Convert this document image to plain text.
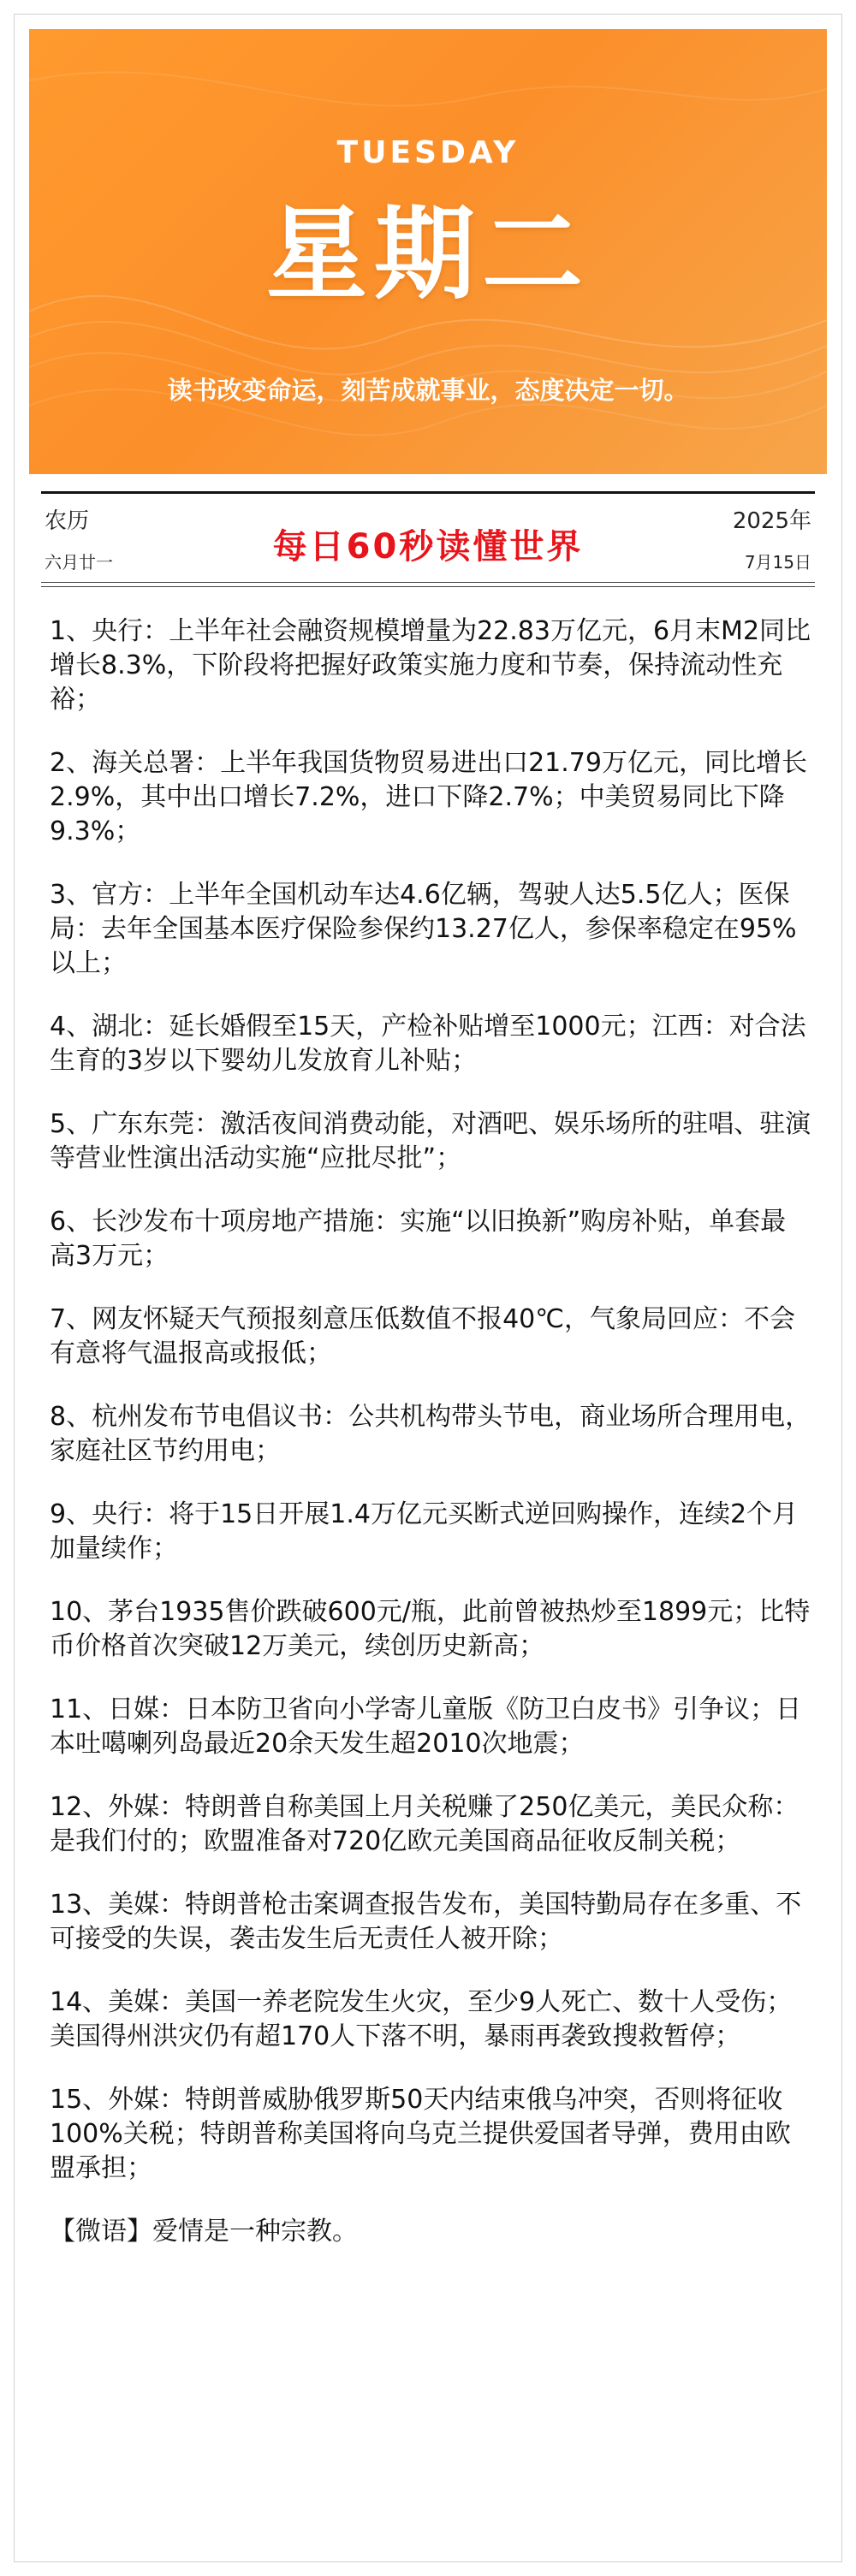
TUESDAY
星期二
读书改变命运，刻苦成就事业，态度决定一切。
农历
六月廿一	每日60秒读懂世界
2025年
7月15日
1、央行：上半年社会融资规模增量为22.83万亿元，6月末M2同比增长8.3%，下阶段将把握好政策实施力度和节奏，保持流动性充裕；
2、海关总署：上半年我国货物贸易进出口21.79万亿元，同比增长2.9%，其中出口增长7.2%，进口下降2.7%；中美贸易同比下降9.3%；
3、官方：上半年全国机动车达4.6亿辆，驾驶人达5.5亿人；医保局：去年全国基本医疗保险参保约13.27亿人，参保率稳定在95%以上；
4、湖北：延长婚假至15天，产检补贴增至1000元；江西：对合法生育的3岁以下婴幼儿发放育儿补贴；
5、广东东莞：激活夜间消费动能，对酒吧、娱乐场所的驻唱、驻演等营业性演出活动实施“应批尽批”；
6、长沙发布十项房地产措施：实施“以旧换新”购房补贴，单套最高3万元；
7、网友怀疑天气预报刻意压低数值不报40℃，气象局回应：不会有意将气温报高或报低；
8、杭州发布节电倡议书：公共机构带头节电，商业场所合理用电，家庭社区节约用电；
9、央行：将于15日开展1.4万亿元买断式逆回购操作，连续2个月加量续作；
10、茅台1935售价跌破600元/瓶，此前曾被热炒至1899元；比特币价格首次突破12万美元，续创历史新高；
11、日媒：日本防卫省向小学寄儿童版《防卫白皮书》引争议；日本吐噶喇列岛最近20余天发生超2010次地震；
12、外媒：特朗普自称美国上月关税赚了250亿美元，美民众称：是我们付的；欧盟准备对720亿欧元美国商品征收反制关税；
13、美媒：特朗普枪击案调查报告发布，美国特勤局存在多重、不可接受的失误，袭击发生后无责任人被开除；
14、美媒：美国一养老院发生火灾，至少9人死亡、数十人受伤；美国得州洪灾仍有超170人下落不明，暴雨再袭致搜救暂停；
15、外媒：特朗普威胁俄罗斯50天内结束俄乌冲突，否则将征收100%关税；特朗普称美国将向乌克兰提供爱国者导弹，费用由欧盟承担；
【微语】爱情是一种宗教。
